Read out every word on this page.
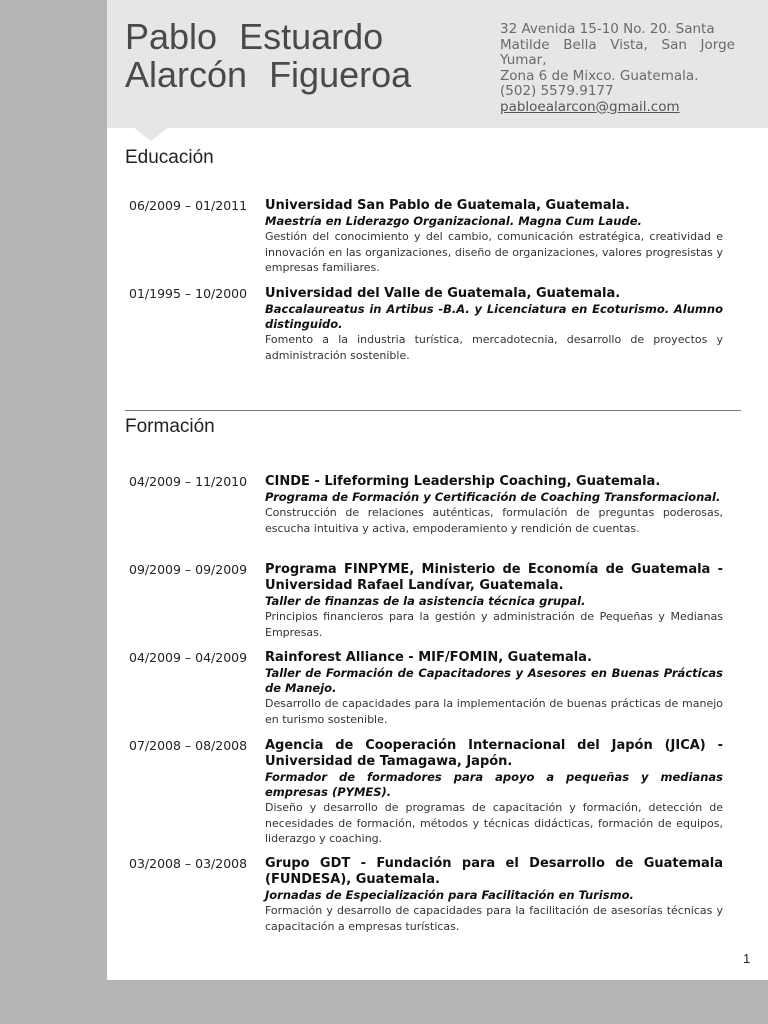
Pablo Estuardo
Alarcón Figueroa
32 Avenida 15-10 No. 20. Santa
Matilde Bella Vista, San Jorge Yumar,
Zona 6 de Mixco. Guatemala.
(502) 5579.9177
pabloealarcon@gmail.com
Educación
06/2009 – 01/2011	Universidad San Pablo de Guatemala, Guatemala.
Maestría en Liderazgo Organizacional. Magna Cum Laude.
Gestión del conocimiento y del cambio, comunicación estratégica, creatividad e innovación en las organizaciones, diseño de organizaciones, valores progresistas y empresas familiares.
01/1995 – 10/2000	Universidad del Valle de Guatemala, Guatemala.
Baccalaureatus in Artibus -B.A. y Licenciatura en Ecoturismo. Alumno distinguido.
Fomento a la industria turística, mercadotecnia, desarrollo de proyectos y administración sostenible.
Formación
04/2009 – 11/2010	CINDE - Lifeforming Leadership Coaching, Guatemala.
Programa de Formación y Certificación de Coaching Transformacional.
Construcción de relaciones auténticas, formulación de preguntas poderosas, escucha intuitiva y activa, empoderamiento y rendición de cuentas.
09/2009 – 09/2009	Programa FINPYME, Ministerio de Economía de Guatemala - Universidad Rafael Landívar, Guatemala.
Taller de finanzas de la asistencia técnica grupal.
Principios financieros para la gestión y administración de Pequeñas y Medianas Empresas.
04/2009 – 04/2009	Rainforest Alliance - MIF/FOMIN, Guatemala.
Taller de Formación de Capacitadores y Asesores en Buenas Prácticas de Manejo.
Desarrollo de capacidades para la implementación de buenas prácticas de manejo en turismo sostenible.
07/2008 – 08/2008	Agencia de Cooperación Internacional del Japón (JICA) - Universidad de Tamagawa, Japón.
Formador de formadores para apoyo a pequeñas y medianas empresas (PYMES).
Diseño y desarrollo de programas de capacitación y formación, detección de necesidades de formación, métodos y técnicas didácticas, formación de equipos, liderazgo y coaching.
03/2008 – 03/2008	Grupo GDT - Fundación para el Desarrollo de Guatemala (FUNDESA), Guatemala.
Jornadas de Especialización para Facilitación en Turismo.
Formación y desarrollo de capacidades para la facilitación de asesorías técnicas y capacitación a empresas turísticas.
1
